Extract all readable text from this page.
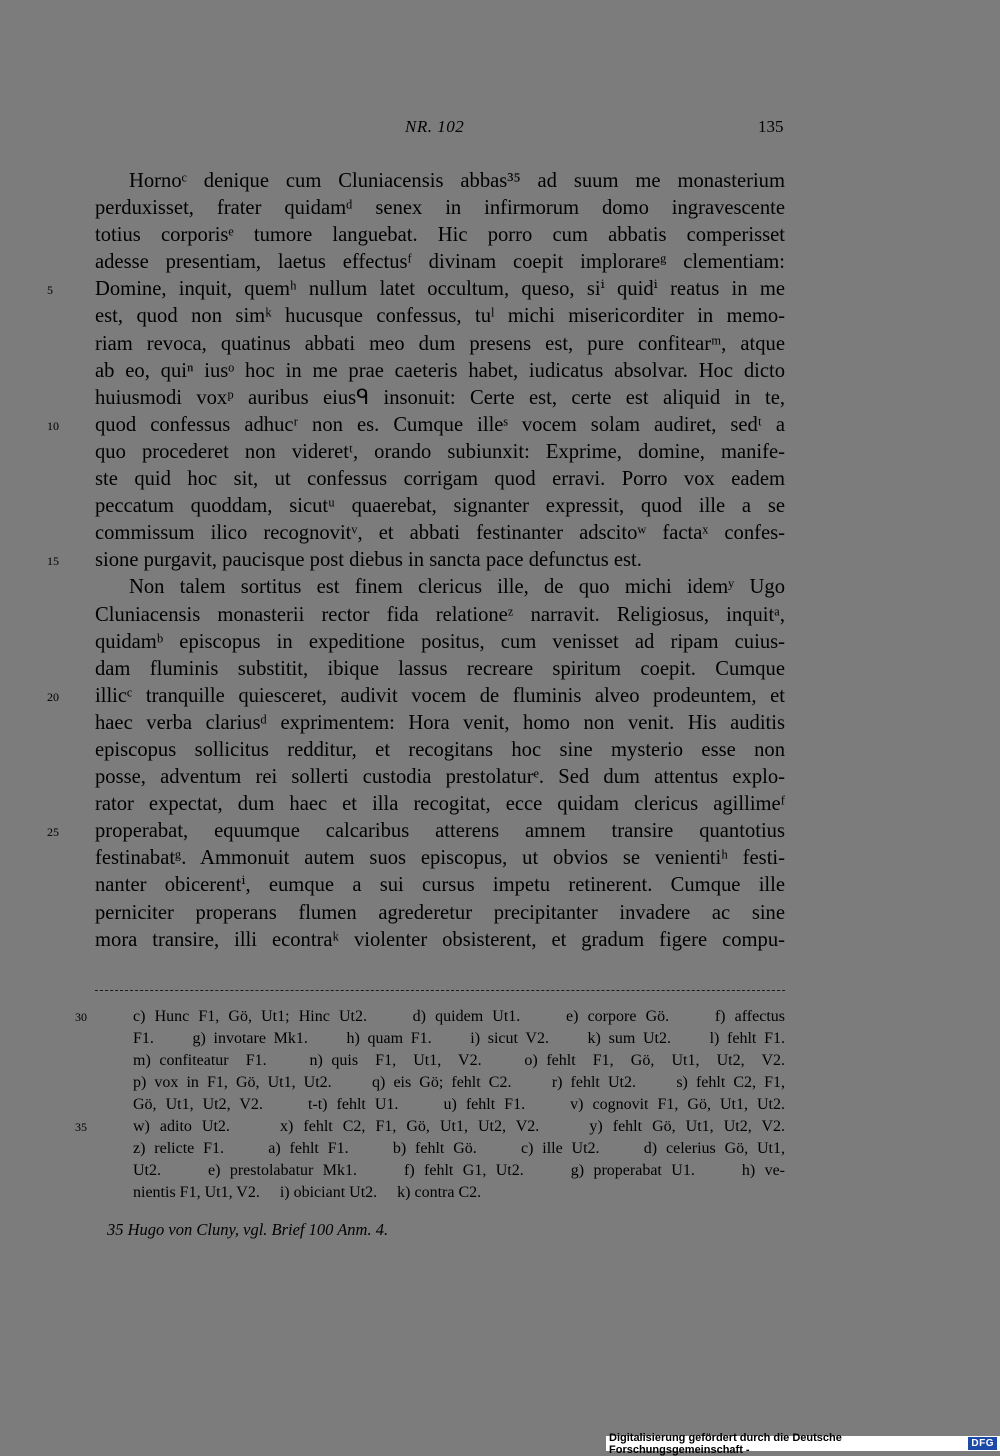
NR. 102	135
Hornoᶜ denique cum Cluniacensis abbas³⁵ ad suum me monasterium
perduxisset, frater quidamᵈ senex in infirmorum domo ingravescente
totius corporisᵉ tumore languebat. Hic porro cum abbatis comperisset
adesse presentiam, laetus effectusᶠ divinam coepit implorareᵍ clementiam:
5	Domine, inquit, quemʰ nullum latet occultum, queso, siⁱ quidⁱ reatus in me
est, quod non simᵏ hucusque confessus, tuˡ michi misericorditer in memo-
riam revoca, quatinus abbati meo dum presens est, pure confitearᵐ, atque
ab eo, quiⁿ iusᵒ hoc in me prae caeteris habet, iudicatus absolvar. Hoc dicto
huiusmodi voxᵖ auribus eiusᑫ insonuit: Certe est, certe est aliquid in te,
10	quod confessus adhucʳ non es. Cumque illeˢ vocem solam audiret, sedᵗ a
quo procederet non videretᵗ, orando subiunxit: Exprime, domine, manife-
ste quid hoc sit, ut confessus corrigam quod erravi. Porro vox eadem
peccatum quoddam, sicutᵘ quaerebat, signanter expressit, quod ille a se
commissum ilico recognovitᵛ, et abbati festinanter adscitoʷ factaˣ confes-
15	sione purgavit, paucisque post diebus in sancta pace defunctus est.
Non talem sortitus est finem clericus ille, de quo michi idemʸ Ugo
Cluniacensis monasterii rector fida relationeᶻ narravit. Religiosus, inquitᵃ,
quidamᵇ episcopus in expeditione positus, cum venisset ad ripam cuius-
dam fluminis substitit, ibique lassus recreare spiritum coepit. Cumque
20	illicᶜ tranquille quiesceret, audivit vocem de fluminis alveo prodeuntem, et
haec verba clariusᵈ exprimentem: Hora venit, homo non venit. His auditis
episcopus sollicitus redditur, et recogitans hoc sine mysterio esse non
posse, adventum rei sollerti custodia prestolaturᵉ. Sed dum attentus explo-
rator expectat, dum haec et illa recogitat, ecce quidam clericus agillimeᶠ
25	properabat, equumque calcaribus atterens amnem transire quantotius
festinabatᵍ. Ammonuit autem suos episcopus, ut obvios se venientiʰ festi-
nanter obicerentⁱ, eumque a sui cursus impetu retinerent. Cumque ille
perniciter properans flumen agrederetur precipitanter invadere ac sine
mora transire, illi econtraᵏ violenter obsisterent, et gradum figere compu-
30	c) Hunc F1, Gö, Ut1; Hinc Ut2.     d) quidem Ut1.     e) corpore Gö.     f) affectus
F1.     g) invotare Mk1.     h) quam F1.     i) sicut V2.     k) sum Ut2.     l) fehlt F1.
m) confiteatur  F1.     n) quis  F1,  Ut1,  V2.     o) fehlt  F1,  Gö,  Ut1,  Ut2,  V2.
p) vox in F1, Gö, Ut1, Ut2.     q) eis Gö; fehlt C2.     r) fehlt Ut2.     s) fehlt C2, F1,
Gö, Ut1, Ut2, V2.     t-t) fehlt U1.     u) fehlt F1.     v) cognovit F1, Gö, Ut1, Ut2.
35	w) adito Ut2.     x) fehlt C2, F1, Gö, Ut1, Ut2, V2.     y) fehlt Gö, Ut1, Ut2, V2.
z) relicte F1.     a) fehlt F1.     b) fehlt Gö.     c) ille Ut2.     d) celerius Gö, Ut1,
Ut2.     e) prestolabatur Mk1.     f) fehlt G1, Ut2.     g) properabat U1.     h) ve-
nientis F1, Ut1, V2.     i) obiciant Ut2.     k) contra C2.
35 Hugo von Cluny, vgl. Brief 100 Anm. 4.
Digitalisierung gefördert durch die Deutsche Forschungsgemeinschaft -	DFG
